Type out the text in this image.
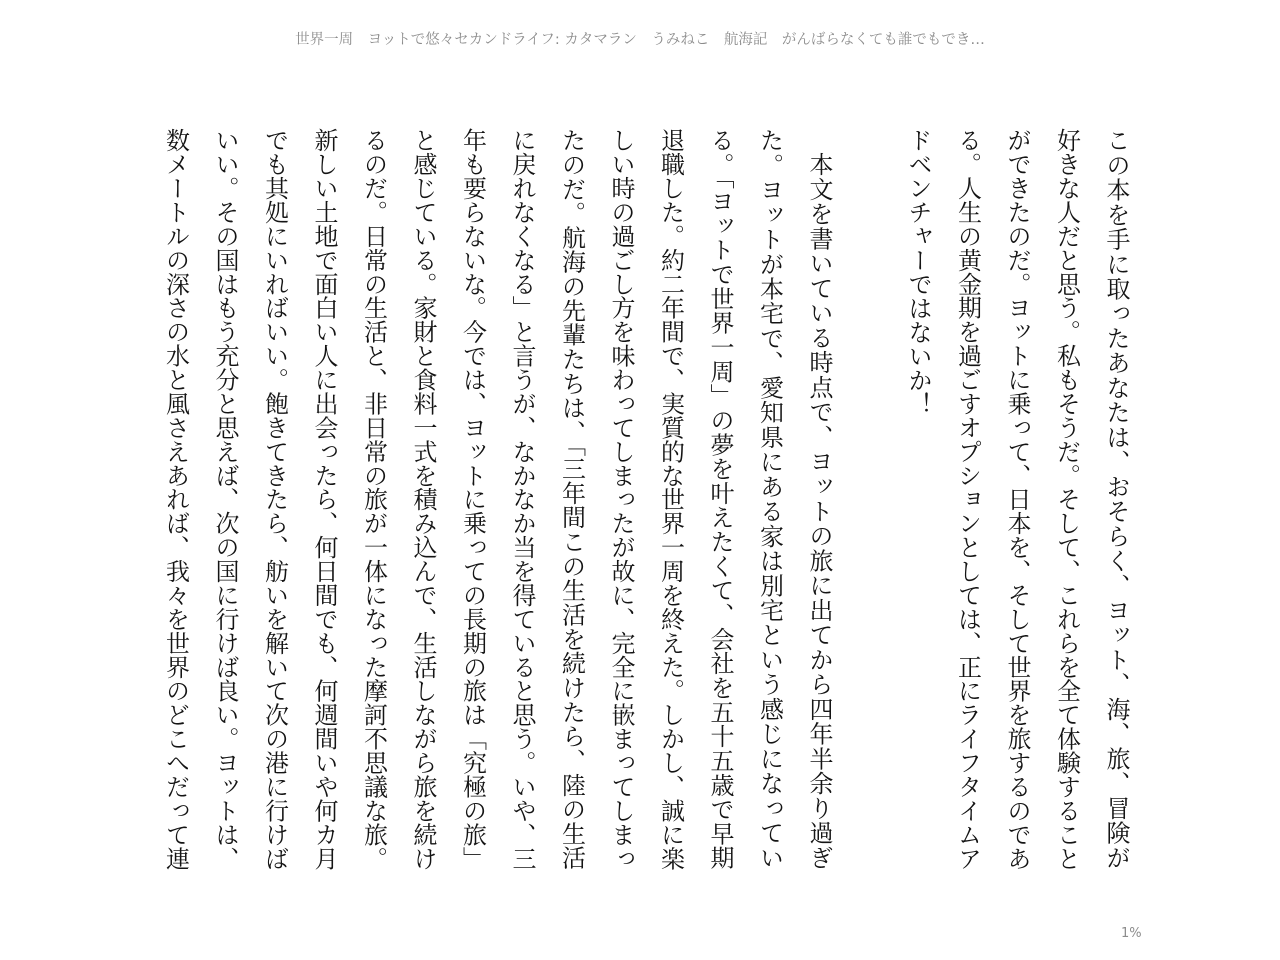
世界一周　ヨットで悠々セカンドライフ: カタマラン　うみねこ　航海記　がんばらなくても誰でもでき…
この本を手に取ったあなたは、おそらく、ヨット、海、旅、冒険が
好きな人だと思う。私もそうだ。そして、これらを全て体験すること
ができたのだ。ヨットに乗って、日本を、そして世界を旅するのであ
る。人生の黄金期を過ごすオプションとしては、正にライフタイムア
ドベンチャーではないか！
本文を書いている時点で、ヨットの旅に出てから四年半余り過ぎ
た。ヨットが本宅で、愛知県にある家は別宅という感じになってい
る。「ヨットで世界一周」の夢を叶えたくて、会社を五十五歳で早期
退職した。約二年間で、実質的な世界一周を終えた。しかし、誠に楽
しい時の過ごし方を味わってしまったが故に、完全に嵌まってしまっ
たのだ。航海の先輩たちは、「三年間この生活を続けたら、陸の生活
に戻れなくなる」と言うが、なかなか当を得ていると思う。いや、三
年も要らないな。今では、ヨットに乗っての長期の旅は「究極の旅」
と感じている。家財と食料一式を積み込んで、生活しながら旅を続け
るのだ。日常の生活と、非日常の旅が一体になった摩訶不思議な旅。
新しい土地で面白い人に出会ったら、何日間でも、何週間いや何カ月
でも其処にいればいい。飽きてきたら、舫いを解いて次の港に行けば
いい。その国はもう充分と思えば、次の国に行けば良い。ヨットは、
数メートルの深さの水と風さえあれば、我々を世界のどこへだって連
1%
